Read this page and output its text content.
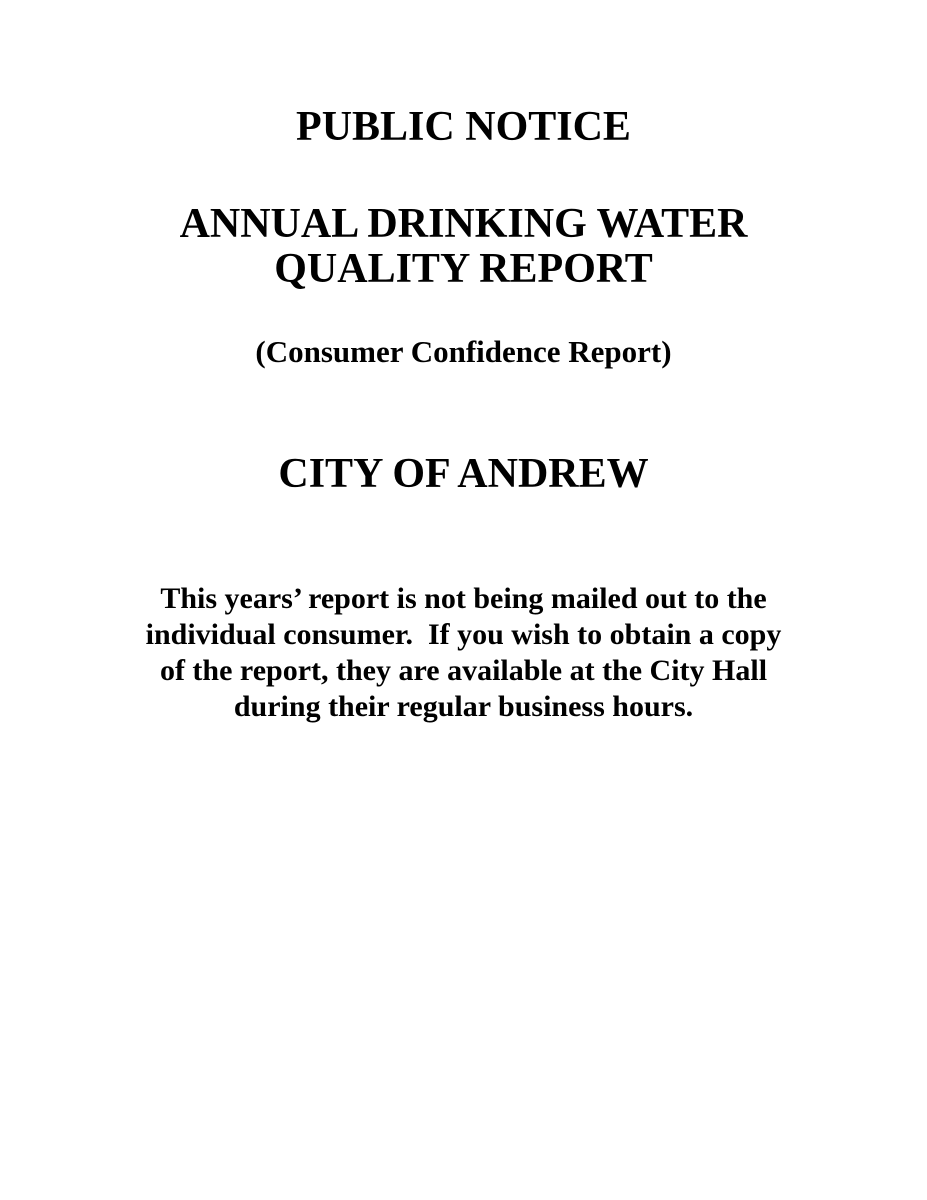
PUBLIC NOTICE
ANNUAL DRINKING WATER
QUALITY REPORT
(Consumer Confidence Report)
CITY OF ANDREW

This years’ report is not being mailed out to the
individual consumer.  If you wish to obtain a copy
of the report, they are available at the City Hall
during their regular business hours.
